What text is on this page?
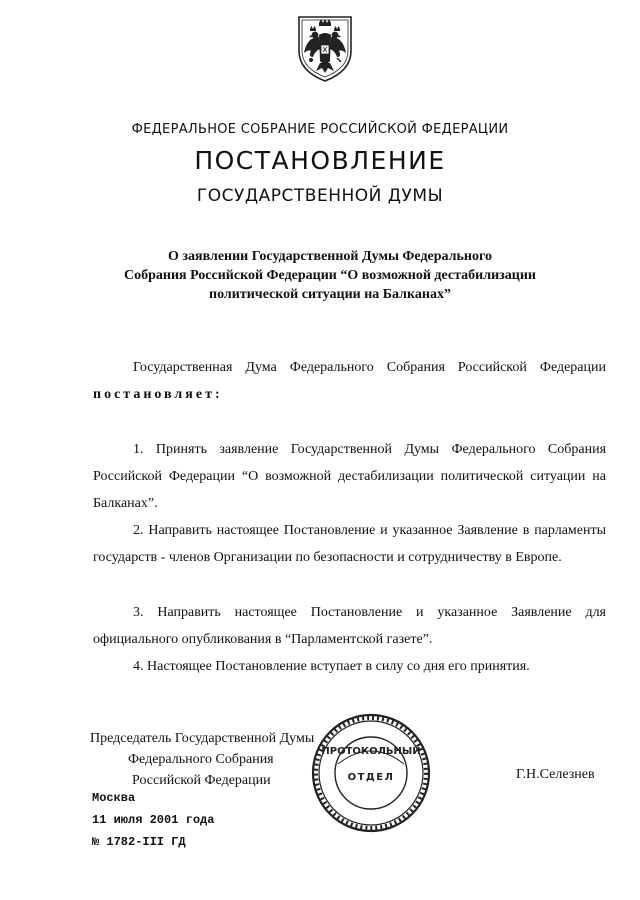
ФЕДЕРАЛЬНОЕ СОБРАНИЕ РОССИЙСКОЙ ФЕДЕРАЦИИ
ПОСТАНОВЛЕНИЕ
ГОСУДАРСТВЕННОЙ ДУМЫ
О заявлении Государственной Думы Федерального
Собрания Российской Федерации “О возможной дестабилизации
политической ситуации на Балканах”
Государственная Дума Федерального Собрания Российской Федерации постановляет:
1. Принять заявление Государственной Думы Федерального Собрания Российской Федерации “О возможной дестабилизации политической ситуации на Балканах”.
2. Направить настоящее Постановление и указанное Заявление в парламенты государств - членов Организации по безопасности и сотрудничеству в Европе.
3. Направить настоящее Постановление и указанное Заявление для официального опубликования в “Парламентской газете”.
4. Настоящее Постановление вступает в силу со дня его принятия.
Председатель Государственной Думы
Федерального Собрания
Российской Федерации
ПРОТОКОЛЬНЫЙ
ОТДЕЛ	Г.Н.Селезнев
Москва
11 июля 2001 года
№ 1782-III ГД
